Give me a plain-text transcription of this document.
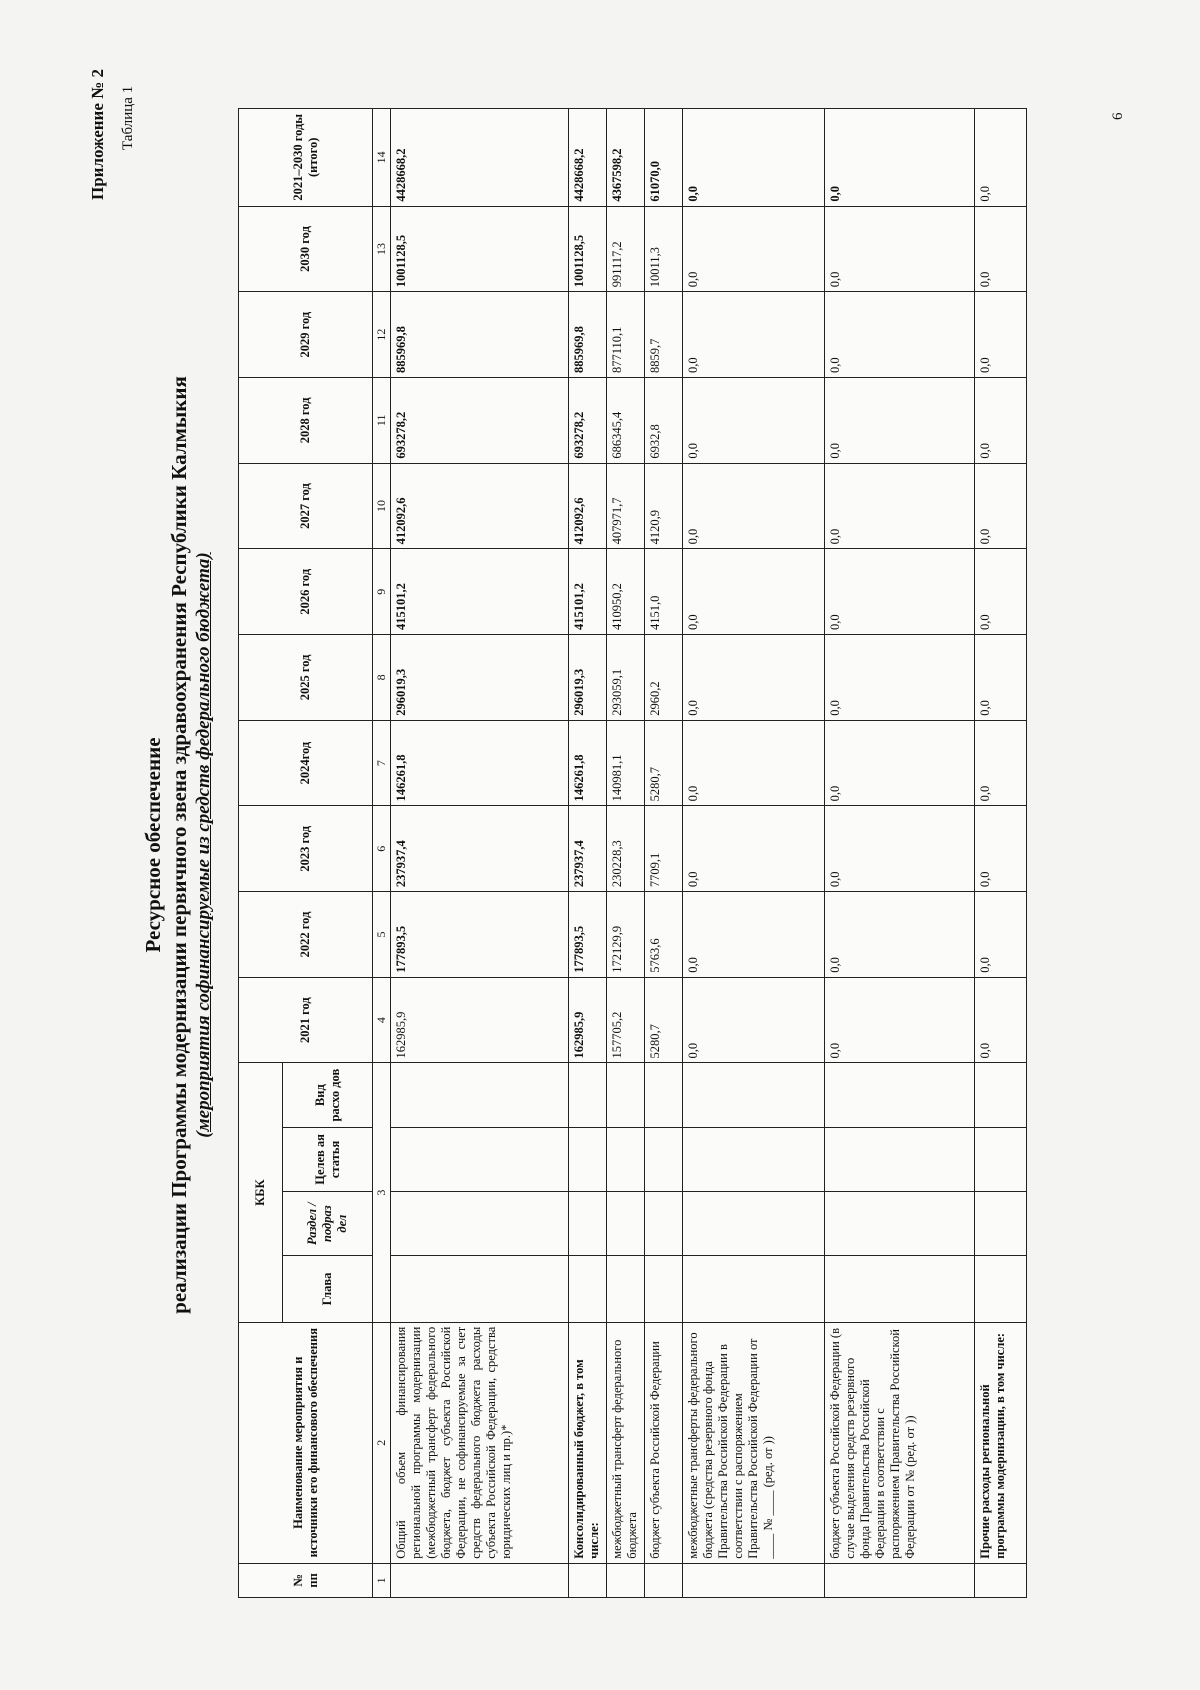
Приложение № 2 Таблица 1
Ресурсное обеспечение реализации Программы модернизации первичного звена здравоохранения Республики Калмыкия (мероприятия софинансируемые из средств федерального бюджета)
№ пп	Наименование мероприятия и источники его финансового обеспечения	КБК				2021 год	2022 год	2023 год	2024год	2025 год	2026 год	2027 год	2028 год	2029 год	2030 год	2021–2030 годы (итого)
		Глава	Раздел / подраз дел	Целев ая статья	Вид расхо дов											
1	2	3				4	5	6	7	8	9	10	11	12	13	14
	Общий объем финансирования региональной программы модернизации (межбюджетный трансферт федерального бюджета, бюджет субъекта Российской Федерации, не софинансируемые за счет средств федерального бюджета расходы субъекта Российской Федерации, средства юридических лиц и пр.)*					162985,9	177893,5	237937,4	146261,8	296019,3	415101,2	412092,6	693278,2	885969,8	1001128,5	4428668,2
	Консолидированный бюджет, в том числе:					162985,9	177893,5	237937,4	146261,8	296019,3	415101,2	412092,6	693278,2	885969,8	1001128,5	4428668,2
	межбюджетный трансферт федерального бюджета					157705,2	172129,9	230228,3	140981,1	293059,1	410950,2	407971,7	686345,4	877110,1	991117,2	4367598,2
	бюджет субъекта Российской Федерации					5280,7	5763,6	7709,1	5280,7	2960,2	4151,0	4120,9	6932,8	8859,7	10011,3	61070,0
	межбюджетные трансферты федерального бюджета (средства резервного фонда Правительства Российской Федерации в соответствии с распоряжением Правительства Российской Федерации от ____ № ____ (ред. от ))					0,0	0,0	0,0	0,0	0,0	0,0	0,0	0,0	0,0	0,0	0,0
	бюджет субъекта Российской Федерации (в случае выделения средств резервного фонда Правительства Российской Федерации в соответствии с распоряжением Правительства Российской Федерации от № (ред. от ))					0,0	0,0	0,0	0,0	0,0	0,0	0,0	0,0	0,0	0,0	0,0
	Прочие расходы региональной программы модернизации, в том числе:					0,0	0,0	0,0	0,0	0,0	0,0	0,0	0,0	0,0	0,0	0,0
6
